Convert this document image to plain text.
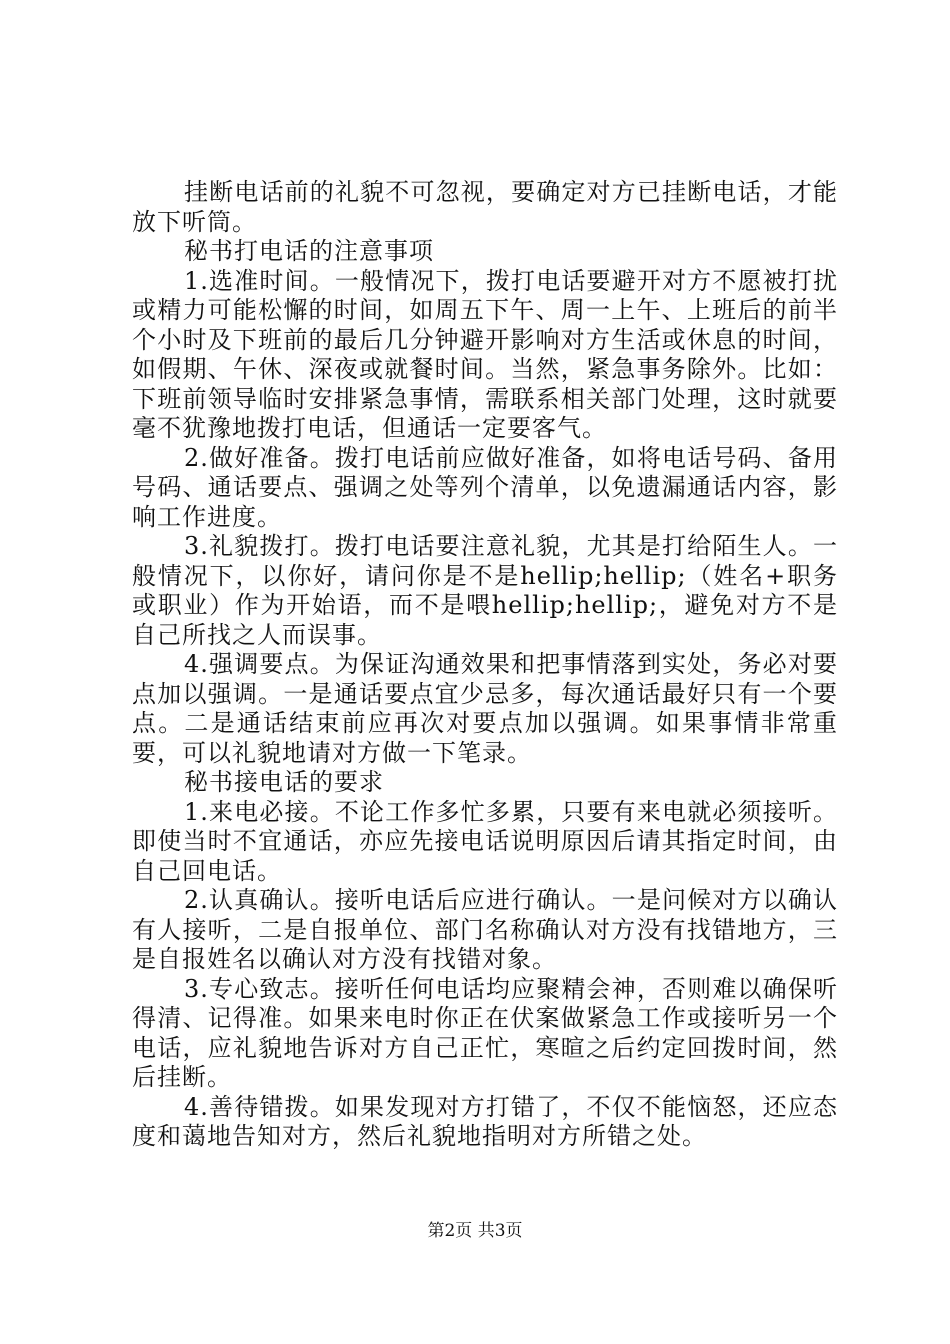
挂断电话前的礼貌不可忽视，要确定对方已挂断电话，才能放下听筒。

秘书打电话的注意事项

1.选准时间。一般情况下，拨打电话要避开对方不愿被打扰或精力可能松懈的时间，如周五下午、周一上午、上班后的前半个小时及下班前的最后几分钟避开影响对方生活或休息的时间，如假期、午休、深夜或就餐时间。当然，紧急事务除外。比如：下班前领导临时安排紧急事情，需联系相关部门处理，这时就要毫不犹豫地拨打电话，但通话一定要客气。

2.做好准备。拨打电话前应做好准备，如将电话号码、备用号码、通话要点、强调之处等列个清单，以免遗漏通话内容，影响工作进度。

3.礼貌拨打。拨打电话要注意礼貌，尤其是打给陌生人。一般情况下，以你好，请问你是不是hellip;hellip;（姓名+职务或职业）作为开始语，而不是喂hellip;hellip;，避免对方不是自己所找之人而误事。

4.强调要点。为保证沟通效果和把事情落到实处，务必对要点加以强调。一是通话要点宜少忌多，每次通话最好只有一个要点。二是通话结束前应再次对要点加以强调。如果事情非常重要，可以礼貌地请对方做一下笔录。

秘书接电话的要求

1.来电必接。不论工作多忙多累，只要有来电就必须接听。即使当时不宜通话，亦应先接电话说明原因后请其指定时间，由自己回电话。

2.认真确认。接听电话后应进行确认。一是问候对方以确认有人接听，二是自报单位、部门名称确认对方没有找错地方，三是自报姓名以确认对方没有找错对象。

3.专心致志。接听任何电话均应聚精会神，否则难以确保听得清、记得准。如果来电时你正在伏案做紧急工作或接听另一个电话，应礼貌地告诉对方自己正忙，寒暄之后约定回拨时间，然后挂断。

4.善待错拨。如果发现对方打错了，不仅不能恼怒，还应态度和蔼地告知对方，然后礼貌地指明对方所错之处。

第2页 共3页
